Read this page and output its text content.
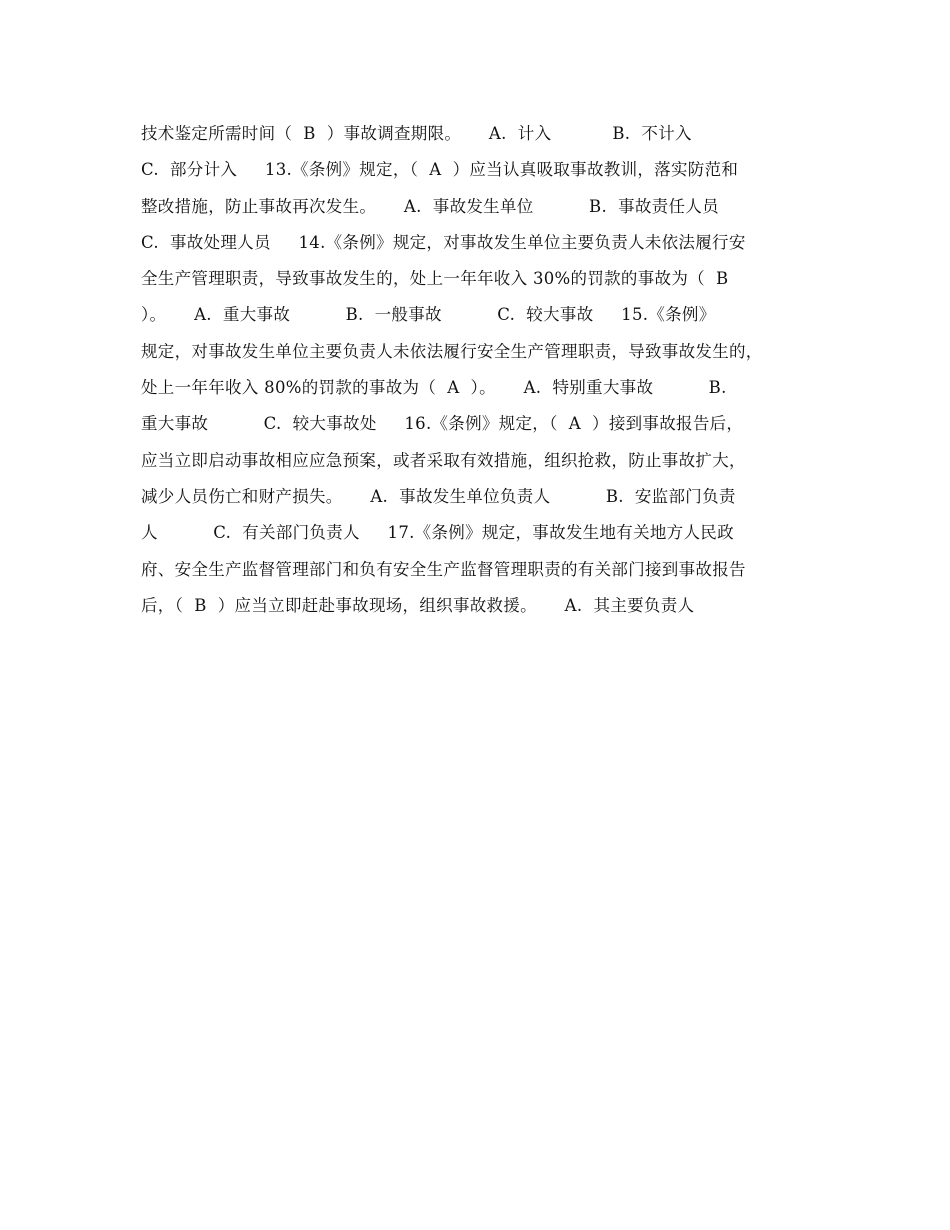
技术鉴定所需时间（  B  ）事故调查期限。     A.  计入           B.  不计入
C.  部分计入     13.《条例》规定，（  A  ）应当认真吸取事故教训，落实防范和
整改措施，防止事故再次发生。     A.  事故发生单位          B.  事故责任人员
C.  事故处理人员     14.《条例》规定，对事故发生单位主要负责人未依法履行安
全生产管理职责，导致事故发生的，处上一年年收入 30%的罚款的事故为（  B
）。     A.  重大事故          B.  一般事故          C.  较大事故     15.《条例》
规定，对事故发生单位主要负责人未依法履行安全生产管理职责，导致事故发生的，
处上一年年收入 80%的罚款的事故为（  A  ）。     A.  特别重大事故          B.
重大事故          C.  较大事故处     16.《条例》规定，（  A  ）接到事故报告后，
应当立即启动事故相应应急预案，或者采取有效措施，组织抢救，防止事故扩大，
减少人员伤亡和财产损失。     A.  事故发生单位负责人          B.  安监部门负责
人          C.  有关部门负责人     17.《条例》规定，事故发生地有关地方人民政
府、安全生产监督管理部门和负有安全生产监督管理职责的有关部门接到事故报告
后，（  B  ）应当立即赶赴事故现场，组织事故救援。     A.  其主要负责人
